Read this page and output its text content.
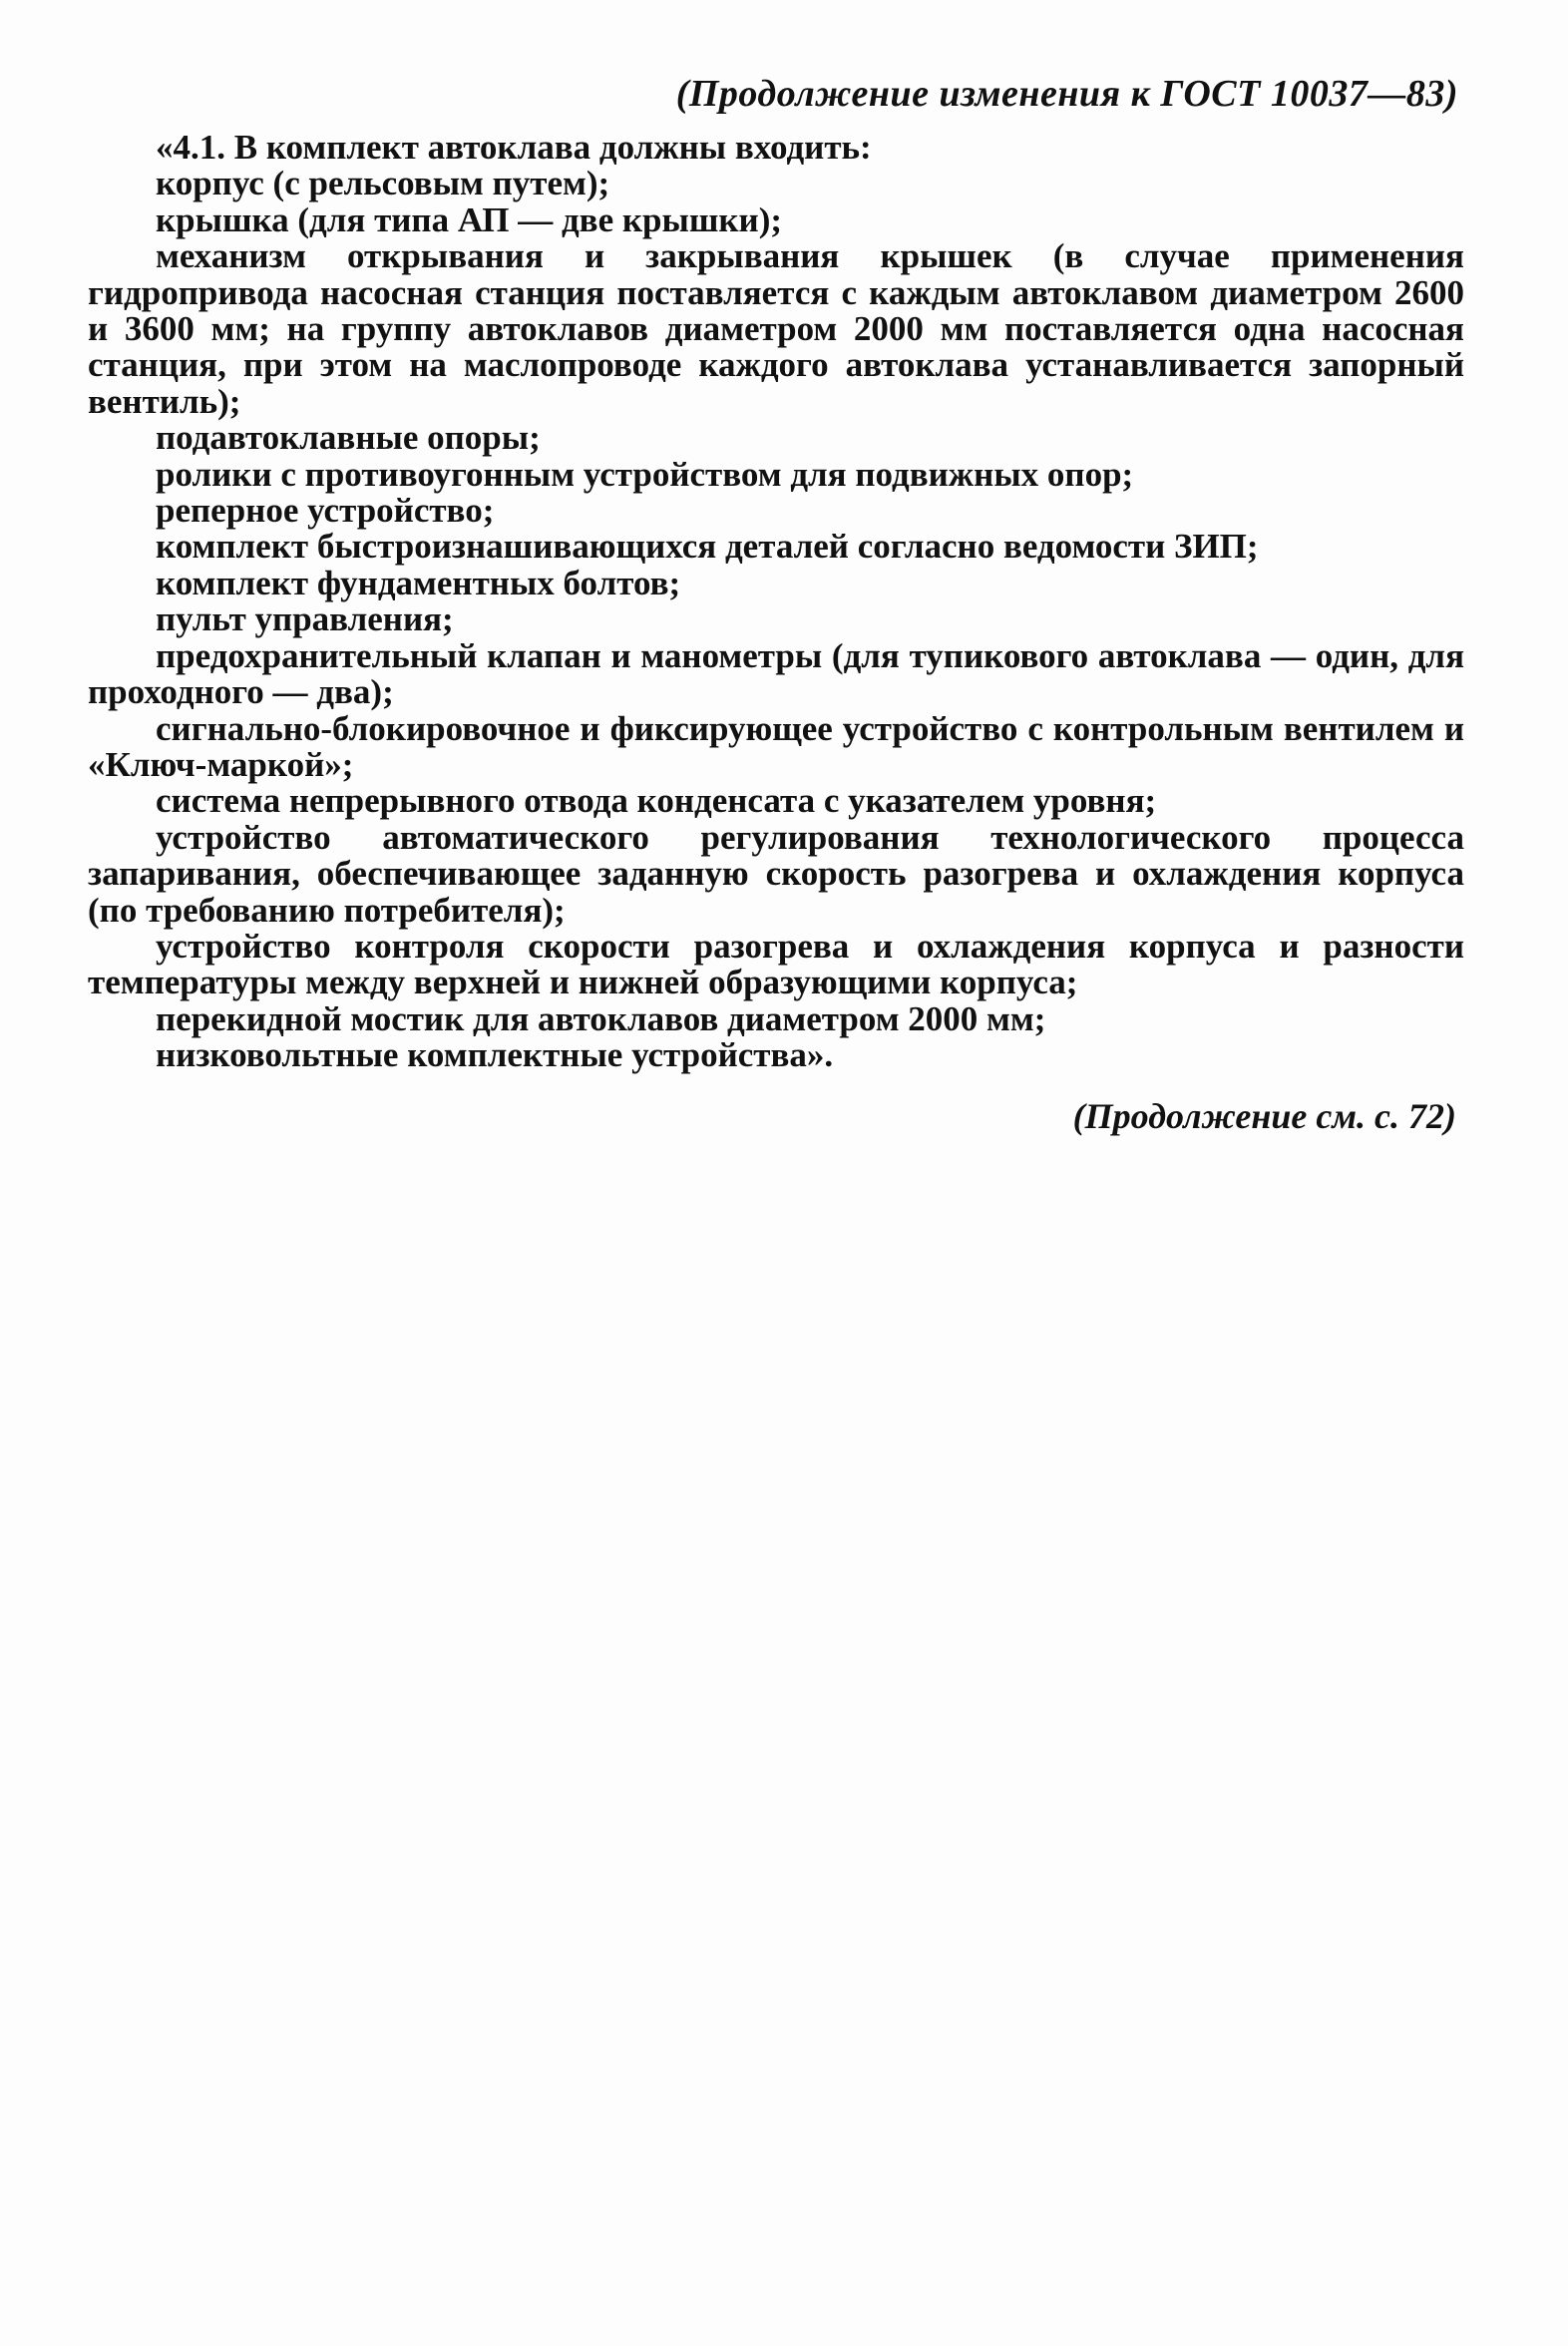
(Продолжение изменения к ГОСТ 10037—83)

«4.1. В комплект автоклава должны входить:

корпус (с рельсовым путем);

крышка (для типа АП — две крышки);

механизм открывания и закрывания крышек (в случае применения гидропривода насосная станция поставляется с каждым автоклавом диаметром 2600 и 3600 мм; на группу автоклавов диаметром 2000 мм поставляется одна насосная станция, при этом на маслопроводе каждого автоклава устанавливается запорный вентиль);

подавтоклавные опоры;

ролики с противоугонным устройством для подвижных опор;

реперное устройство;

комплект быстроизнашивающихся деталей согласно ведомости ЗИП;

комплект фундаментных болтов;

пульт управления;

предохранительный клапан и манометры (для тупикового автоклава — один, для проходного — два);

сигнально-блокировочное и фиксирующее устройство с контрольным вентилем и «Ключ-маркой»;

система непрерывного отвода конденсата с указателем уровня;

устройство автоматического регулирования технологического процесса запаривания, обеспечивающее заданную скорость разогрева и охлаждения корпуса (по требованию потребителя);

устройство контроля скорости разогрева и охлаждения корпуса и разности температуры между верхней и нижней образующими корпуса;

перекидной мостик для автоклавов диаметром 2000 мм;

низковольтные комплектные устройства».

(Продолжение см. с. 72)
